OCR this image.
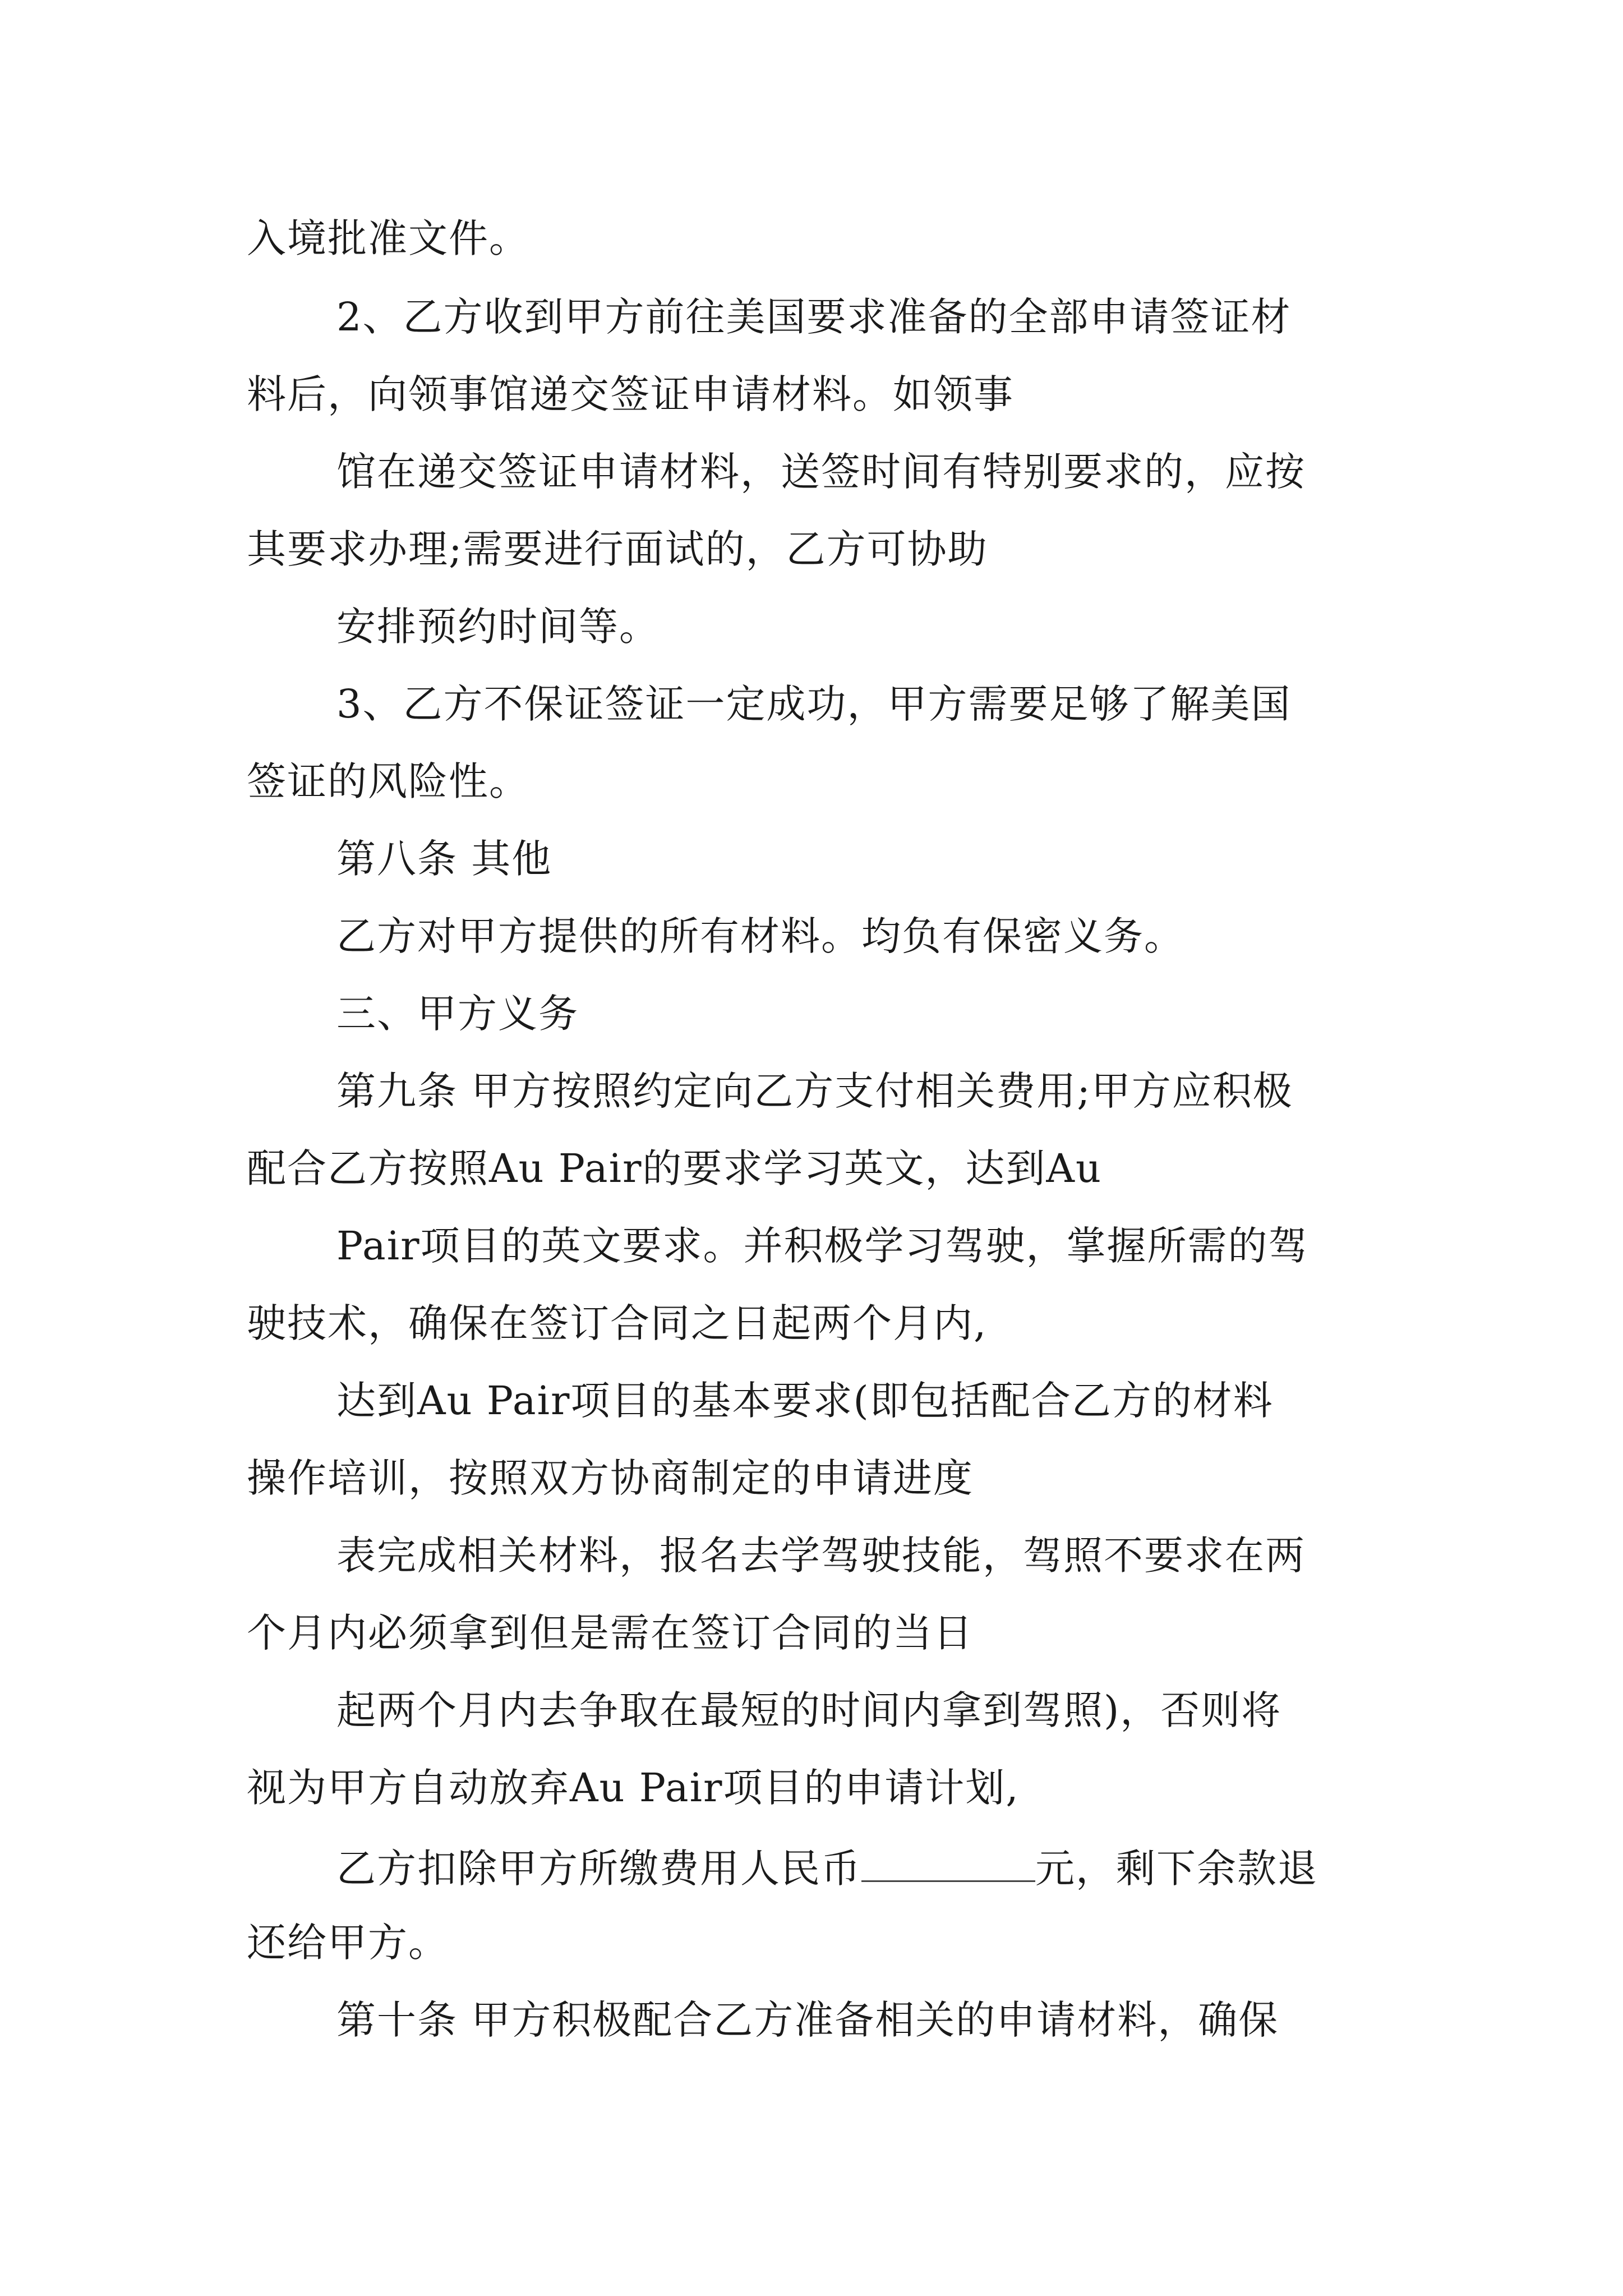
入境批准文件。
2、乙方收到甲方前往美国要求准备的全部申请签证材
料后，向领事馆递交签证申请材料。如领事
馆在递交签证申请材料，送签时间有特别要求的，应按
其要求办理;需要进行面试的，乙方可协助
安排预约时间等。
3、乙方不保证签证一定成功，甲方需要足够了解美国
签证的风险性。
第八条 其他
乙方对甲方提供的所有材料。均负有保密义务。
三、甲方义务
第九条 甲方按照约定向乙方支付相关费用;甲方应积极
配合乙方按照Au Pair的要求学习英文，达到Au
Pair项目的英文要求。并积极学习驾驶，掌握所需的驾
驶技术，确保在签订合同之日起两个月内,
达到Au Pair项目的基本要求(即包括配合乙方的材料
操作培训，按照双方协商制定的申请进度
表完成相关材料，报名去学驾驶技能，驾照不要求在两
个月内必须拿到但是需在签订合同的当日
起两个月内去争取在最短的时间内拿到驾照)，否则将
视为甲方自动放弃Au Pair项目的申请计划,
乙方扣除甲方所缴费用人民币	元，剩下余款退
还给甲方。
第十条 甲方积极配合乙方准备相关的申请材料，确保
